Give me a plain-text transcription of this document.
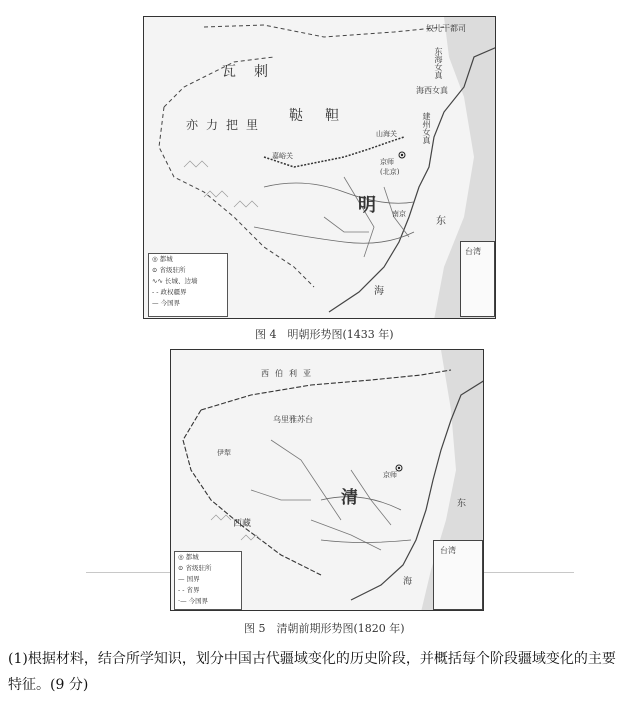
瓦刺
鞑靼
亦力把里
明
奴儿干都司
东海女真
海西女真
建州女真
山海关
京师
(北京)
嘉峪关
南京
东
海
◎ 都城
⊙ 省级驻所
∿∿ 长城、边墙
- - 政权疆界
— 今国界
台湾
图 4　明朝形势图(1433 年)
西伯利亚
乌里雅苏台
清
京师
伊犁
西藏
东
海
◎ 都城
⊙ 省级驻所
— 国界
- - 省界
·— 今国界
台湾
图 5　清朝前期形势图(1820 年)
(1)根据材料，结合所学知识，划分中国古代疆域变化的历史阶段，并概括每个阶段疆域变化的主要特征。(9 分)
